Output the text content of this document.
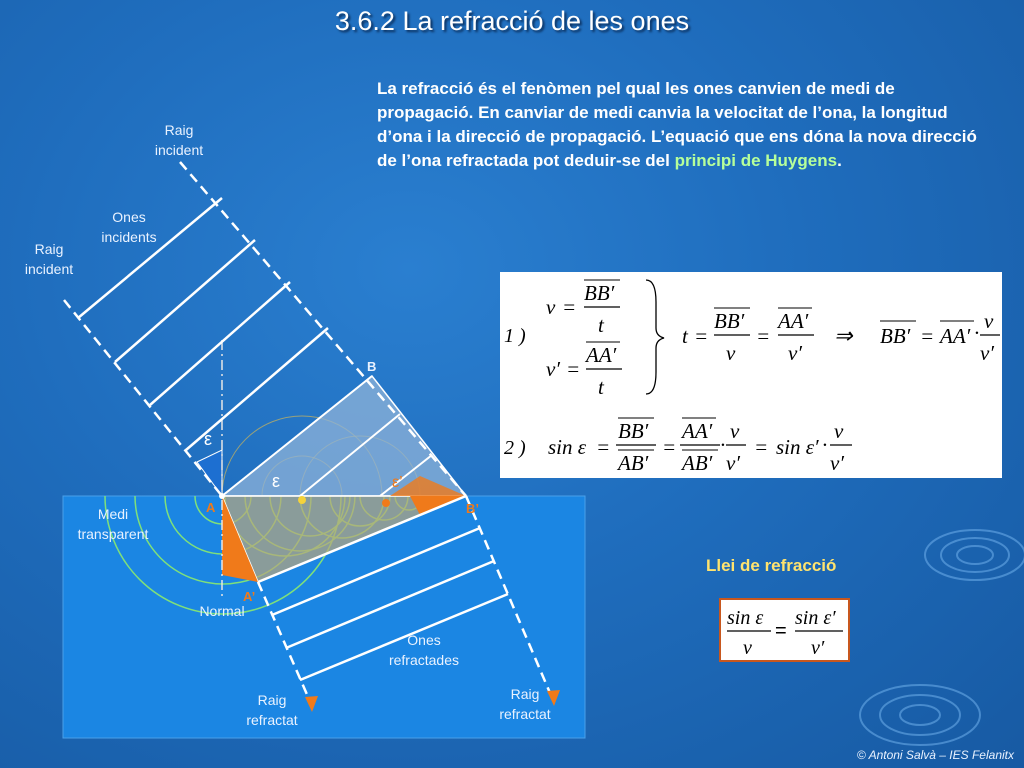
3.6.2 La refracció de les ones
La refracció és el fenòmen pel qual les ones canvien de medi de propagació. En canviar de medi canvia la velocitat de l’ona, la longitud d’ona i la direcció de propagació. L’equació que ens dóna la nova direcció de l’ona refractada pot deduir-se del principi de Huygens.
Raig
incident
Ones
incidents
Raig
incident
Medi
transparent
Normal
Ones
refractades
Raig
refractat
Raig
refractat
A
A’
B
B’
ε
ε	ε’
ε’
1 )
v =
BB′
t
v′ =
AA′
t
t =
BB′
v
=
AA′
v′
⇒ BB′ = AA′ · v
v′
2 ) sin ε =
BB′
AB′
=
AA′
AB′
·
v
v′
= sin ε′ ·
v
v′
Llei de refracció
sin ε
v
=
sin ε′
v′
© Antoni Salvà – IES Felanitx
